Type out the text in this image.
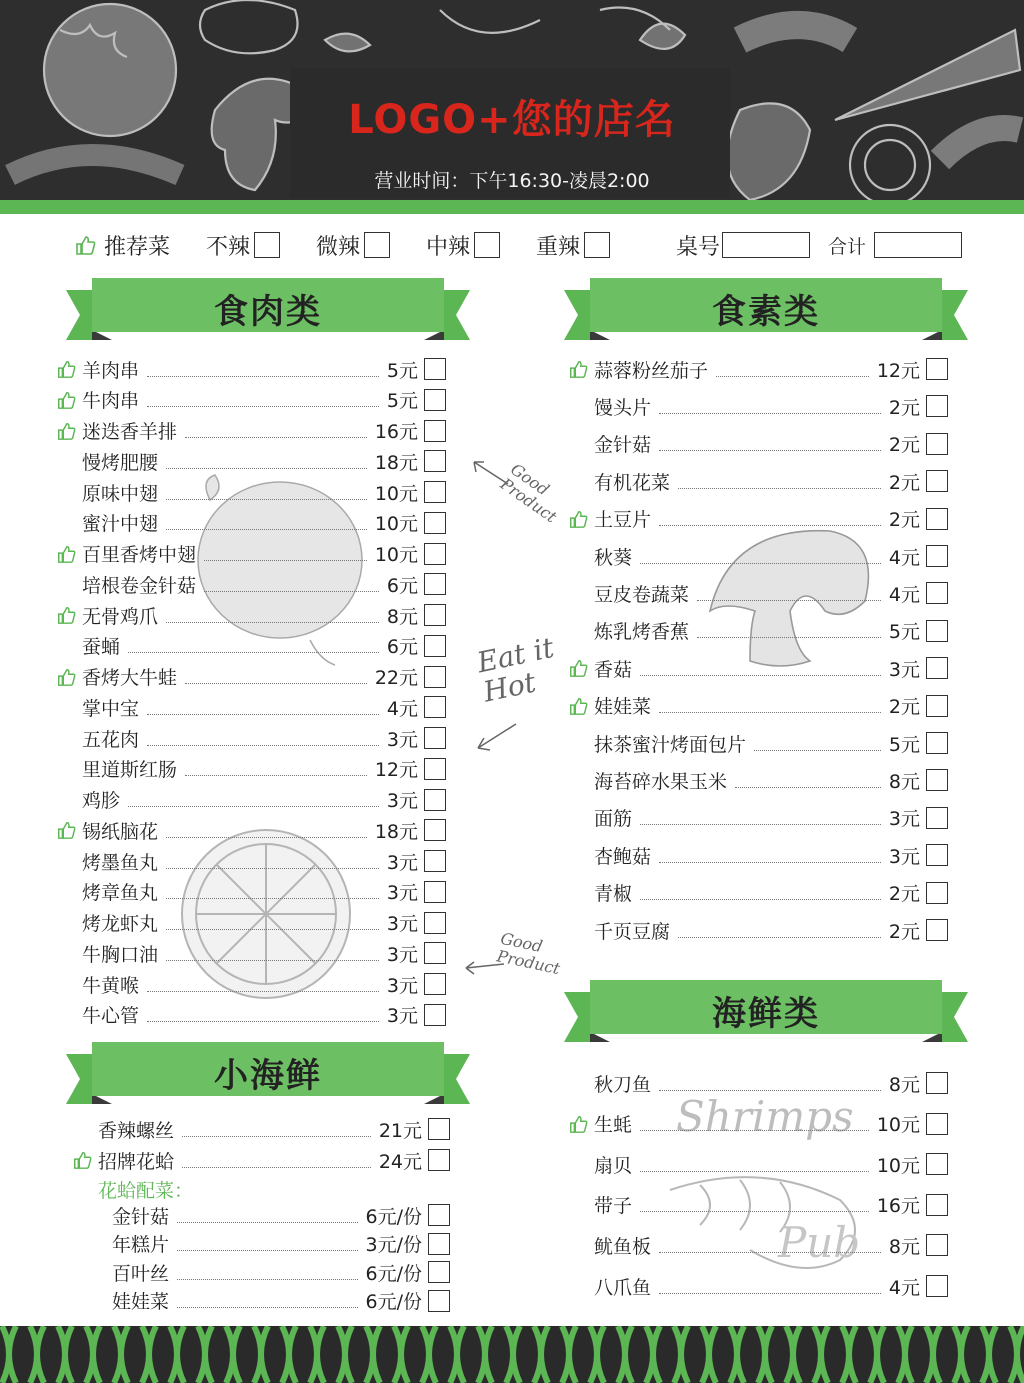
LOGO+您的店名
营业时间：下午16:30-凌晨2:00
推荐菜 不辣	微辣	中辣	重辣	桌号	合计
食肉类	食素类
小海鲜
海鲜类
Shrimps
Pub
Good Product
Eat it Hot
Good Product
羊肉串	5元
牛肉串	5元
迷迭香羊排	16元
慢烤肥腰	18元
原味中翅	10元
蜜汁中翅	10元
百里香烤中翅	10元
培根卷金针菇	6元
无骨鸡爪	8元
蚕蛹	6元
香烤大牛蛙	22元
掌中宝	4元
五花肉	3元
里道斯红肠	12元
鸡胗	3元
锡纸脑花	18元
烤墨鱼丸	3元
烤章鱼丸	3元
烤龙虾丸	3元
牛胸口油	3元
牛黄喉	3元
牛心管	3元
蒜蓉粉丝茄子	12元
馒头片	2元
金针菇	2元
有机花菜	2元
土豆片	2元
秋葵	4元
豆皮卷蔬菜	4元
炼乳烤香蕉	5元
香菇	3元
娃娃菜	2元
抹茶蜜汁烤面包片	5元
海苔碎水果玉米	8元
面筋	3元
杏鲍菇	3元
青椒	2元
千页豆腐	2元
香辣螺丝	21元
招牌花蛤	24元
花蛤配菜：
金针菇	6元/份
年糕片	3元/份
百叶丝	6元/份
娃娃菜	6元/份
秋刀鱼	8元
生蚝	10元
扇贝	10元
带子	16元
鱿鱼板	8元
八爪鱼	4元
